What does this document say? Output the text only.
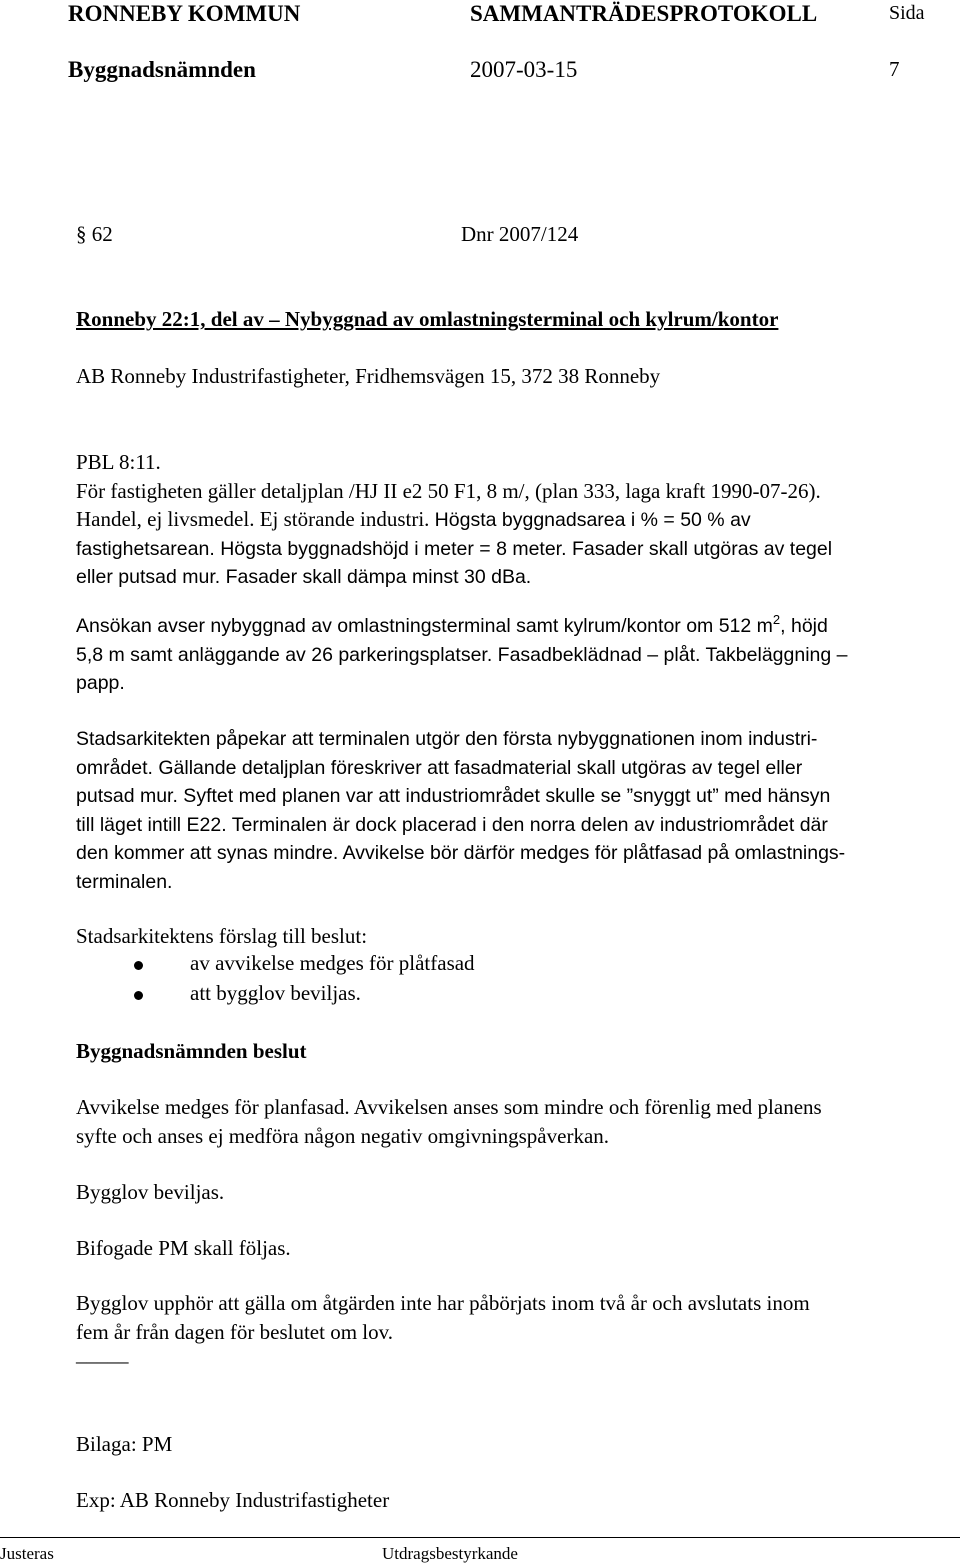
RONNEBY KOMMUN	SAMMANTRÄDESPROTOKOLL	Sida
Byggnadsnämnden	2007-03-15	7
§ 62	Dnr 2007/124
Ronneby 22:1, del av – Nybyggnad av omlastningsterminal och kylrum/kontor
AB Ronneby Industrifastigheter, Fridhemsvägen 15, 372 38 Ronneby
PBL 8:11.
För fastigheten gäller detaljplan /HJ II e2 50 F1, 8 m/, (plan 333, laga kraft 1990-07-26).
Handel, ej livsmedel. Ej störande industri. Högsta byggnadsarea i % = 50 % av
fastighetsarean. Högsta byggnadshöjd i meter = 8 meter. Fasader skall utgöras av tegel
eller putsad mur. Fasader skall dämpa minst 30 dBa.
Ansökan avser nybyggnad av omlastningsterminal samt kylrum/kontor om 512 $m^2$, höjd
5,8 m samt anläggande av 26 parkeringsplatser. Fasadbeklädnad – plåt. Takbeläggning –
papp.
Stadsarkitekten påpekar att terminalen utgör den första nybyggnationen inom industri-
området. Gällande detaljplan föreskriver att fasadmaterial skall utgöras av tegel eller
putsad mur. Syftet med planen var att industriområdet skulle se ”snyggt ut” med hänsyn
till läget intill E22. Terminalen är dock placerad i den norra delen av industriområdet där
den kommer att synas mindre. Avvikelse bör därför medges för plåtfasad på omlastnings-
terminalen.
Stadsarkitektens förslag till beslut:
av avvikelse medges för plåtfasad
att bygglov beviljas.
Byggnadsnämnden beslut
Avvikelse medges för planfasad. Avvikelsen anses som mindre och förenlig med planens
syfte och anses ej medföra någon negativ omgivningspåverkan.
Bygglov beviljas.
Bifogade PM skall följas.
Bygglov upphör att gälla om åtgärden inte har påbörjats inom två år och avslutats inom
fem år från dagen för beslutet om lov.
_____
Bilaga: PM
Exp: AB Ronneby Industrifastigheter
Justeras	Utdragsbestyrkande
